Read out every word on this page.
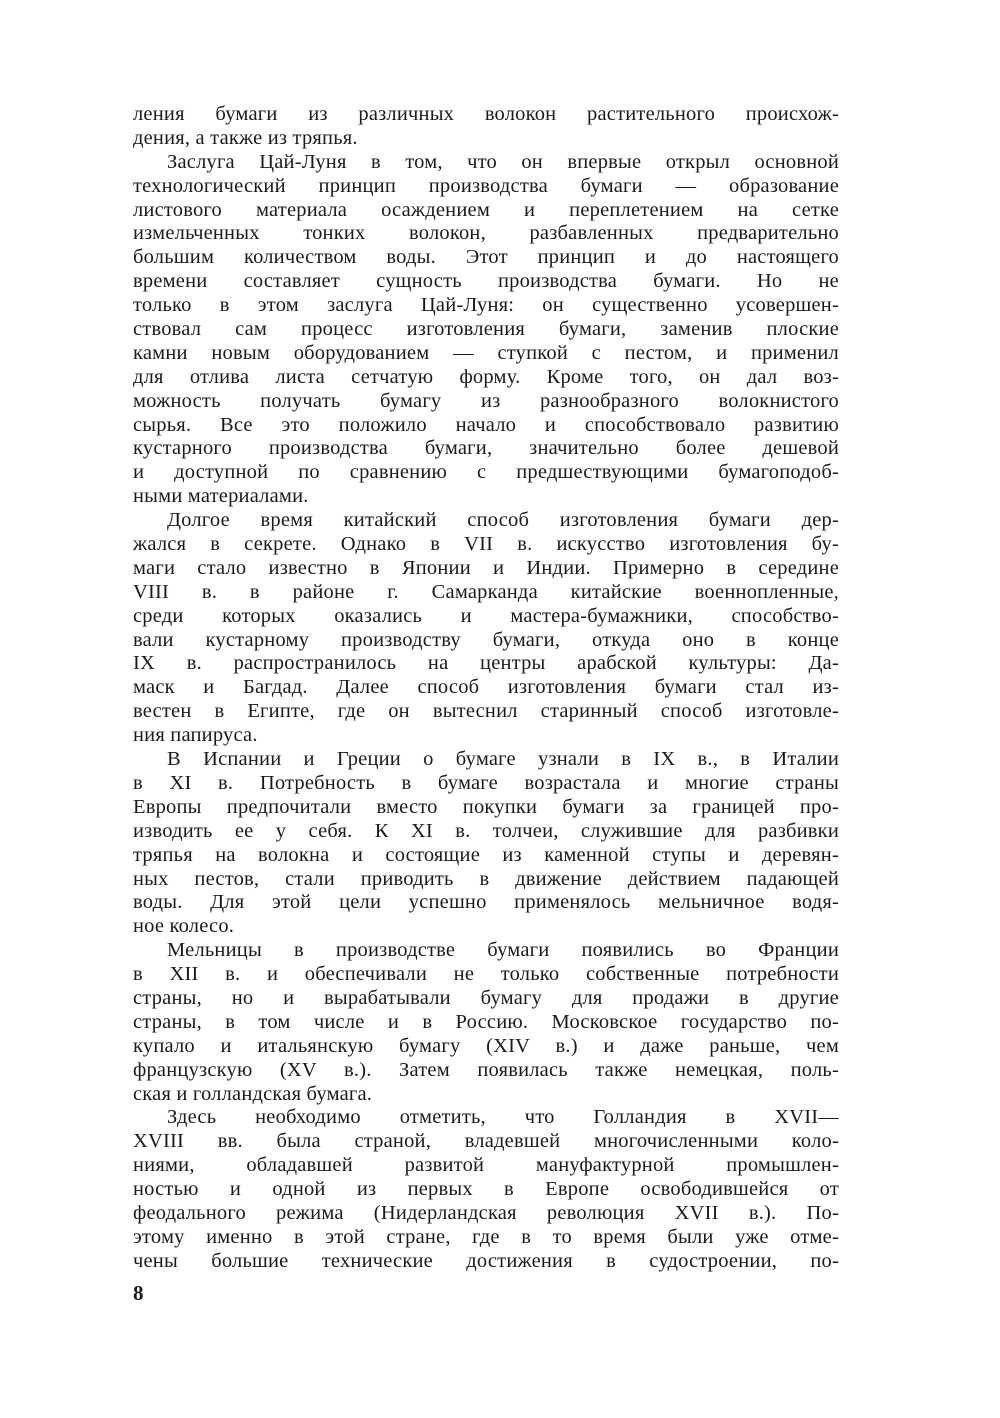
ления бумаги из различных волокон растительного происхож-
дения, а также из тряпья.
Заслуга Цай-Луня в том, что он впервые открыл основной
технологический принцип производства бумаги — образование
листового материала осаждением и переплетением на сетке
измельченных тонких волокон, разбавленных предварительно
большим количеством воды. Этот принцип и до настоящего
времени составляет сущность производства бумаги. Но не
только в этом заслуга Цай-Луня: он существенно усовершен-
ствовал сам процесс изготовления бумаги, заменив плоские
камни новым оборудованием — ступкой с пестом, и применил
для отлива листа сетчатую форму. Кроме того, он дал воз-
можность получать бумагу из разнообразного волокнистого
сырья. Все это положило начало и способствовало развитию
кустарного производства бумаги, значительно более дешевой
и доступной по сравнению с предшествующими бумагоподоб-
ными материалами.
Долгое время китайский способ изготовления бумаги дер-
жался в секрете. Однако в VII в. искусство изготовления бу-
маги стало известно в Японии и Индии. Примерно в середине
VIII в. в районе г. Самарканда китайские военнопленные,
среди которых оказались и мастера-бумажники, способство-
вали кустарному производству бумаги, откуда оно в конце
IX в. распространилось на центры арабской культуры: Да-
маск и Багдад. Далее способ изготовления бумаги стал из-
вестен в Египте, где он вытеснил старинный способ изготовле-
ния папируса.
В Испании и Греции о бумаге узнали в IX в., в Италии
в XI в. Потребность в бумаге возрастала и многие страны
Европы предпочитали вместо покупки бумаги за границей про-
изводить ее у себя. К XI в. толчеи, служившие для разбивки
тряпья на волокна и состоящие из каменной ступы и деревян-
ных пестов, стали приводить в движение действием падающей
воды. Для этой цели успешно применялось мельничное водя-
ное колесо.
Мельницы в производстве бумаги появились во Франции
в XII в. и обеспечивали не только собственные потребности
страны, но и вырабатывали бумагу для продажи в другие
страны, в том числе и в Россию. Московское государство по-
купало и итальянскую бумагу (XIV в.) и даже раньше, чем
французскую (XV в.). Затем появилась также немецкая, поль-
ская и голландская бумага.
Здесь необходимо отметить, что Голландия в XVII—
XVIII вв. была страной, владевшей многочисленными коло-
ниями, обладавшей развитой мануфактурной промышлен-
ностью и одной из первых в Европе освободившейся от
феодального режима (Нидерландская революция XVII в.). По-
этому именно в этой стране, где в то время были уже отме-
чены большие технические достижения в судостроении, по-
8
